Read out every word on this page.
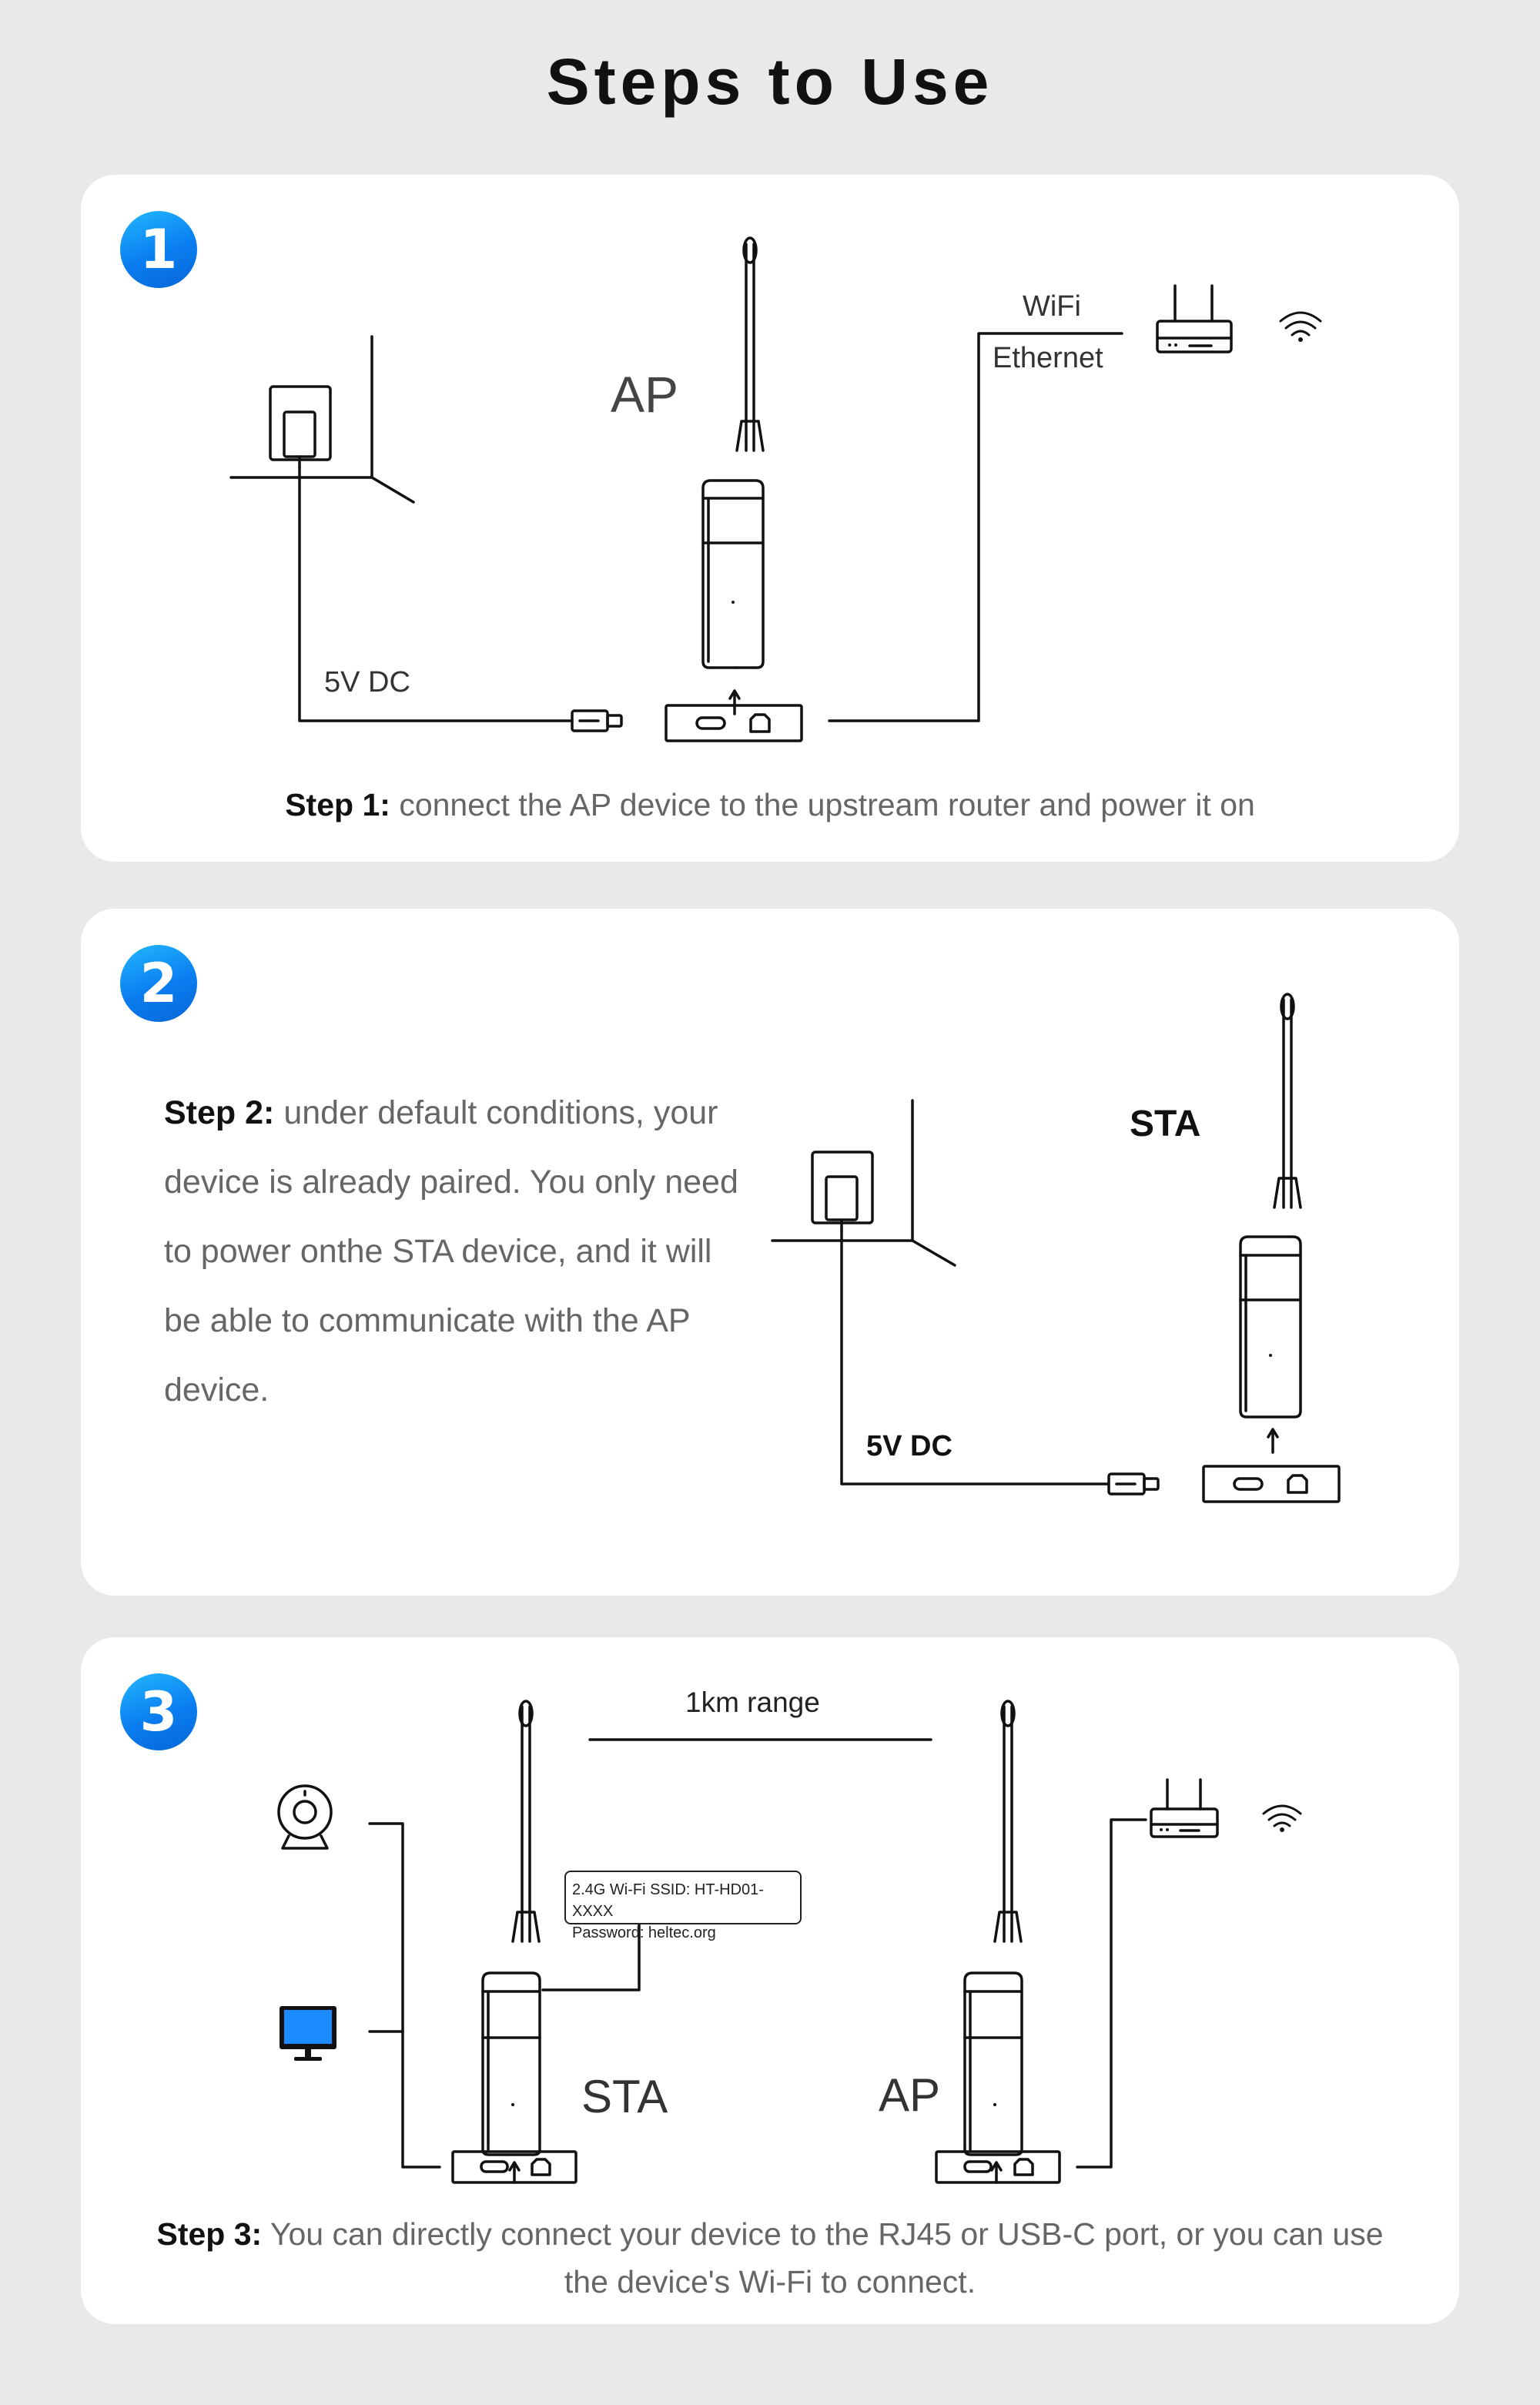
Steps to Use
1
AP
WiFi
Ethernet
5V DC
Step 1: connect the AP device to the upstream router and power it on
2
Step 2: under default conditions, your device is already paired. You only need to power onthe STA device, and it will be able to communicate with the AP device.
STA
5V DC
3	1km range
STA	AP
2.4G Wi-Fi SSID: HT-HD01-XXXX
Password: heltec.org
Step 3: You can directly connect your device to the RJ45 or USB-C port, or you can use the device's Wi-Fi to connect.
